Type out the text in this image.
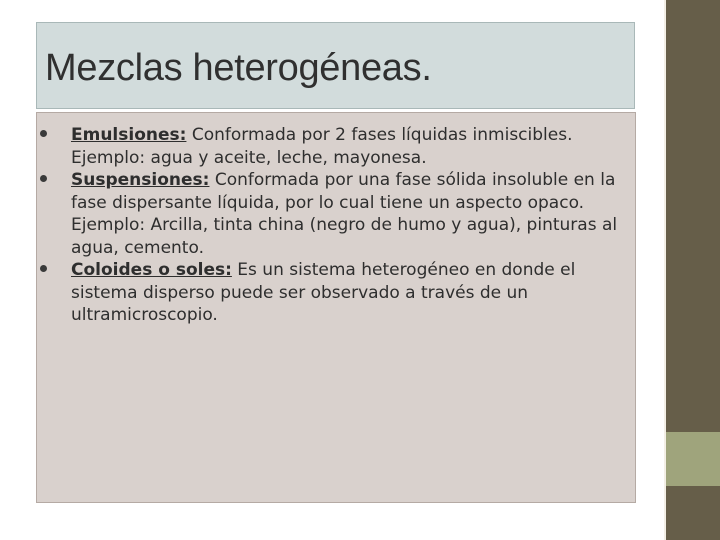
Mezclas heterogéneas.
Emulsiones: Conformada por 2 fases líquidas inmiscibles. Ejemplo: agua y aceite, leche, mayonesa.
Suspensiones: Conformada por una fase sólida insoluble en la fase dispersante líquida, por lo cual tiene un aspecto opaco. Ejemplo: Arcilla, tinta china (negro de humo y agua), pinturas al agua, cemento.
Coloides o soles: Es un sistema heterogéneo en donde el sistema disperso puede ser observado a través de un ultramicroscopio.
